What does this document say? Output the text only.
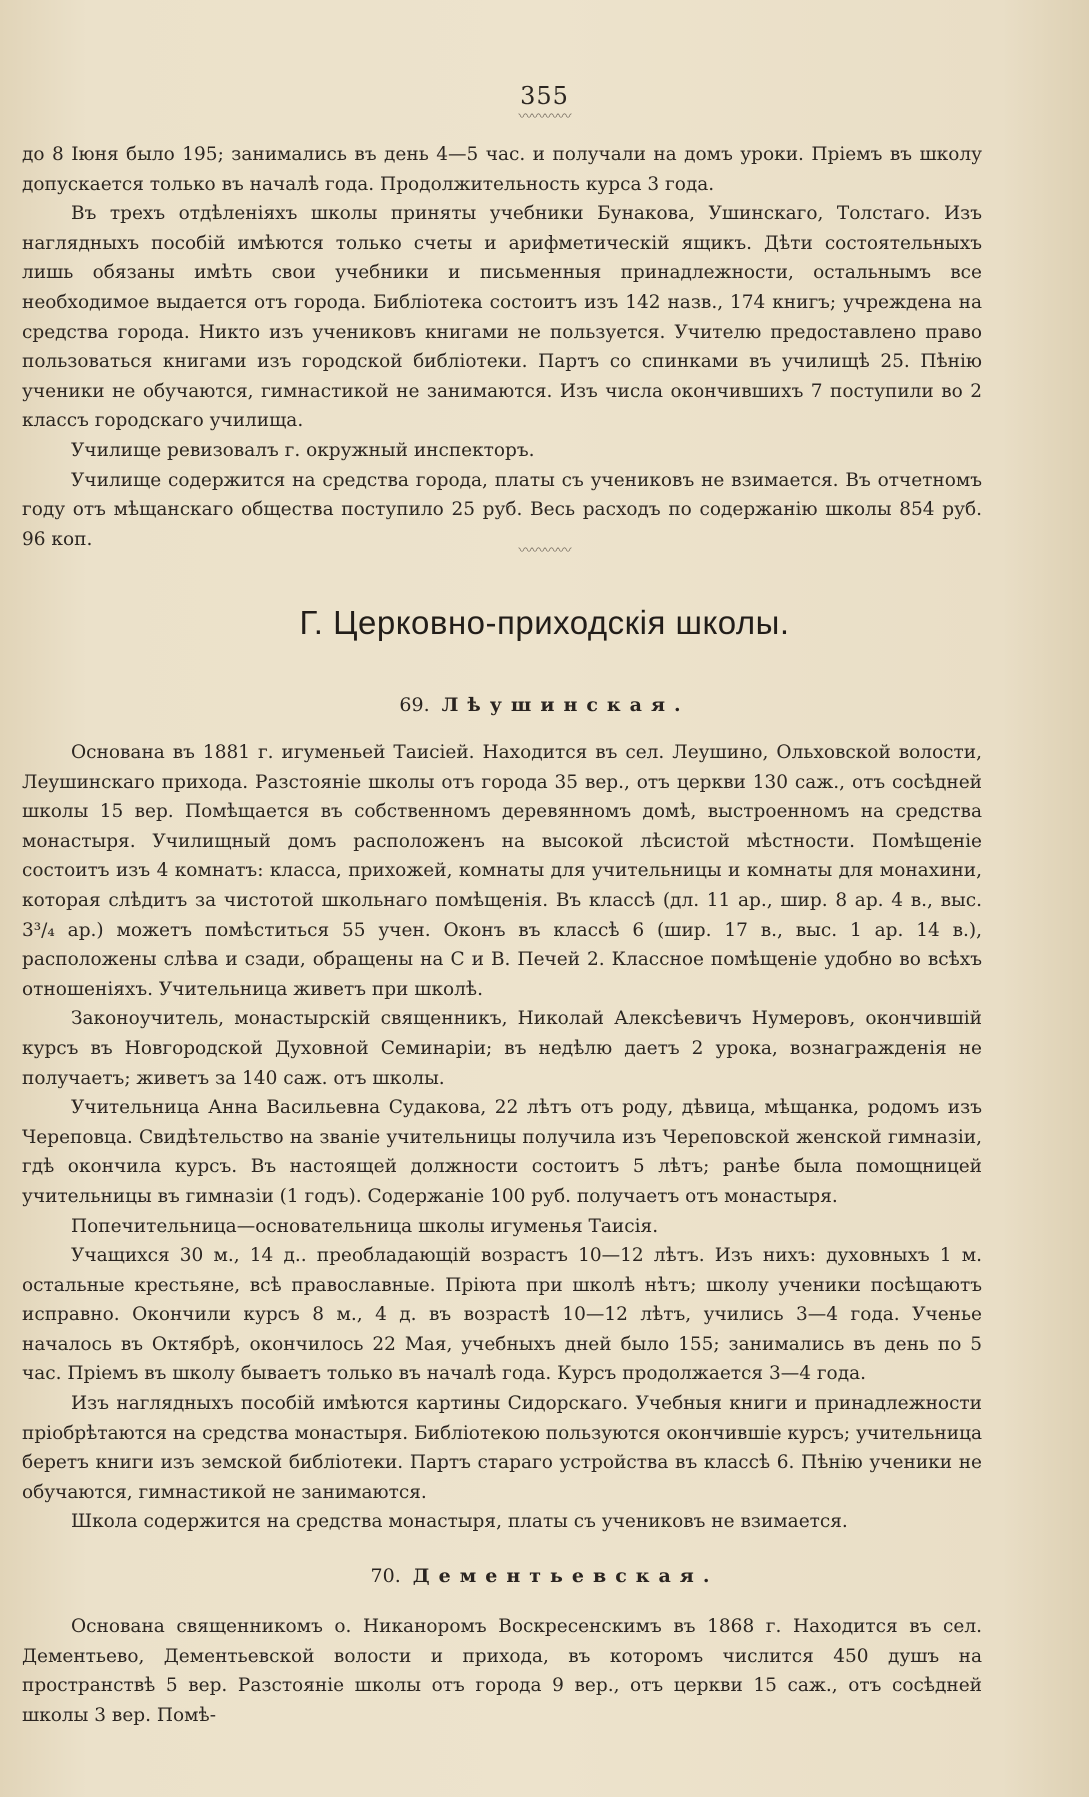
355
〰〰〰〰

до 8 Іюня было 195; занимались въ день 4—5 час. и получали на домъ уроки. Пріемъ въ школу допускается только въ началѣ года. Продолжительность курса 3 года.

Въ трехъ отдѣленіяхъ школы приняты учебники Бунакова, Ушинскаго, Толстаго. Изъ наглядныхъ пособій имѣются только счеты и арифметическій ящикъ. Дѣти состоятельныхъ лишь обязаны имѣть свои учебники и письменныя принадлежности, остальнымъ все необходимое выдается отъ города. Библіотека состоитъ изъ 142 назв., 174 книгъ; учреждена на средства города. Никто изъ учениковъ книгами не пользуется. Учителю предоставлено право пользоваться книгами изъ городской библіотеки. Партъ со спинками въ училищѣ 25. Пѣнію ученики не обучаются, гимнастикой не занимаются. Изъ числа окончившихъ 7 поступили во 2 классъ городскаго училища.

Училище ревизовалъ г. окружный инспекторъ.

Училище содержится на средства города, платы съ учениковъ не взимается. Въ отчетномъ году отъ мѣщанскаго общества поступило 25 руб. Весь расходъ по содержанію школы 854 руб. 96 коп.

〰〰〰〰
Г. Церковно-приходскія школы.
69. Лѣушинская.

Основана въ 1881 г. игуменьей Таисіей. Находится въ сел. Леушино, Ольховской волости, Леушинскаго прихода. Разстояніе школы отъ города 35 вер., отъ церкви 130 саж., отъ сосѣдней школы 15 вер. Помѣщается въ собственномъ деревянномъ домѣ, выстроенномъ на средства монастыря. Училищный домъ расположенъ на высокой лѣсистой мѣстности. Помѣщеніе состоитъ изъ 4 комнатъ: класса, прихожей, комнаты для учительницы и комнаты для монахини, которая слѣдитъ за чистотой школьнаго помѣщенія. Въ классѣ (дл. 11 ар., шир. 8 ар. 4 в., выс. 3³/₄ ар.) можетъ помѣститься 55 учен. Оконъ въ классѣ 6 (шир. 17 в., выс. 1 ар. 14 в.), расположены слѣва и сзади, обращены на С и В. Печей 2. Классное помѣщеніе удобно во всѣхъ отношеніяхъ. Учительница живетъ при школѣ.

Законоучитель, монастырскій священникъ, Николай Алексѣевичъ Нумеровъ, окончившій курсъ въ Новгородской Духовной Семинаріи; въ недѣлю даетъ 2 урока, вознагражденія не получаетъ; живетъ за 140 саж. отъ школы.

Учительница Анна Васильевна Судакова, 22 лѣтъ отъ роду, дѣвица, мѣщанка, родомъ изъ Череповца. Свидѣтельство на званіе учительницы получила изъ Череповской женской гимназіи, гдѣ окончила курсъ. Въ настоящей должности состоитъ 5 лѣтъ; ранѣе была помощницей учительницы въ гимназіи (1 годъ). Содержаніе 100 руб. получаетъ отъ монастыря.

Попечительница—основательница школы игуменья Таисія.

Учащихся 30 м., 14 д.. преобладающій возрастъ 10—12 лѣтъ. Изъ нихъ: духовныхъ 1 м. остальные крестьяне, всѣ православные. Пріюта при школѣ нѣтъ; школу ученики посѣщаютъ исправно. Окончили курсъ 8 м., 4 д. въ возрастѣ 10—12 лѣтъ, учились 3—4 года. Ученье началось въ Октябрѣ, окончилось 22 Мая, учебныхъ дней было 155; занимались въ день по 5 час. Пріемъ въ школу бываетъ только въ началѣ года. Курсъ продолжается 3—4 года.

Изъ наглядныхъ пособій имѣются картины Сидорскаго. Учебныя книги и принадлежности пріобрѣтаются на средства монастыря. Библіотекою пользуются окончившіе курсъ; учительница беретъ книги изъ земской библіотеки. Партъ стараго устройства въ классѣ 6. Пѣнію ученики не обучаются, гимнастикой не занимаются.

Школа содержится на средства монастыря, платы съ учениковъ не взимается.

70. Дементьевская.

Основана священникомъ о. Никаноромъ Воскресенскимъ въ 1868 г. Находится въ сел. Дементьево, Дементьевской волости и прихода, въ которомъ числится 450 душъ на пространствѣ 5 вер. Разстояніе школы отъ города 9 вер., отъ церкви 15 саж., отъ сосѣдней школы 3 вер. Помѣ-
